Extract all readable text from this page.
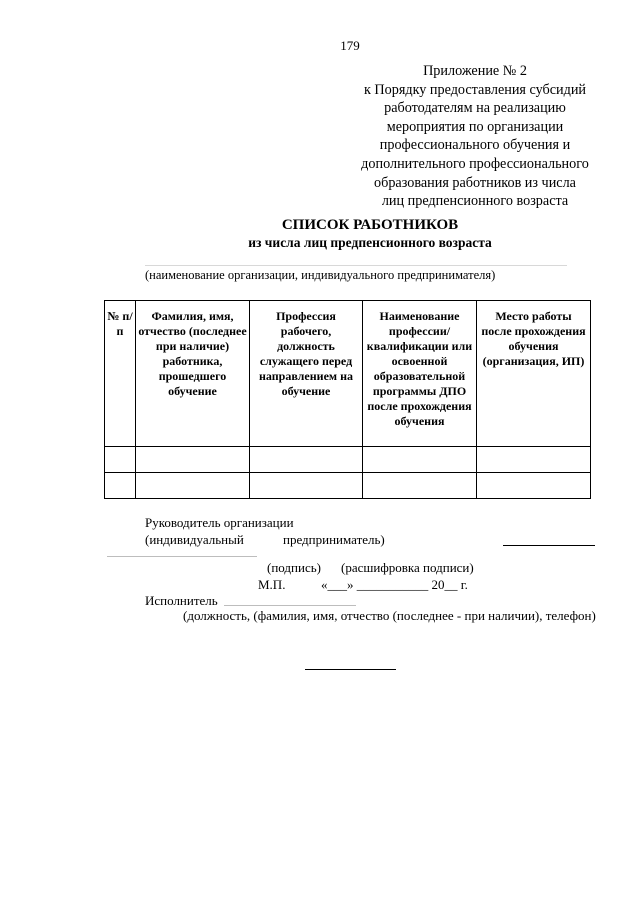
179
Приложение № 2
к Порядку предоставления субсидий
работодателям на реализацию
мероприятия по организации
профессионального обучения и
дополнительного профессионального
образования работников из числа
лиц предпенсионного возраста
СПИСОК РАБОТНИКОВ
из числа лиц предпенсионного возраста
(наименование организации, индивидуального предпринимателя)
№ п/п	Фамилия, имя, отчество (последнее при наличие) работника, прошедшего обучение	Профессия рабочего, должность служащего перед направлением на обучение	Наименование профессии/квалификации или освоенной образовательной программы ДПО после прохождения обучения	Место работы после прохождения обучения (организация, ИП)

Руководитель организации
(индивидуальный	предприниматель)
(подпись) (расшифровка подписи)
М.П.	«___» ___________ 20__ г.
Исполнитель
(должность, (фамилия, имя, отчество (последнее - при наличии), телефон)
